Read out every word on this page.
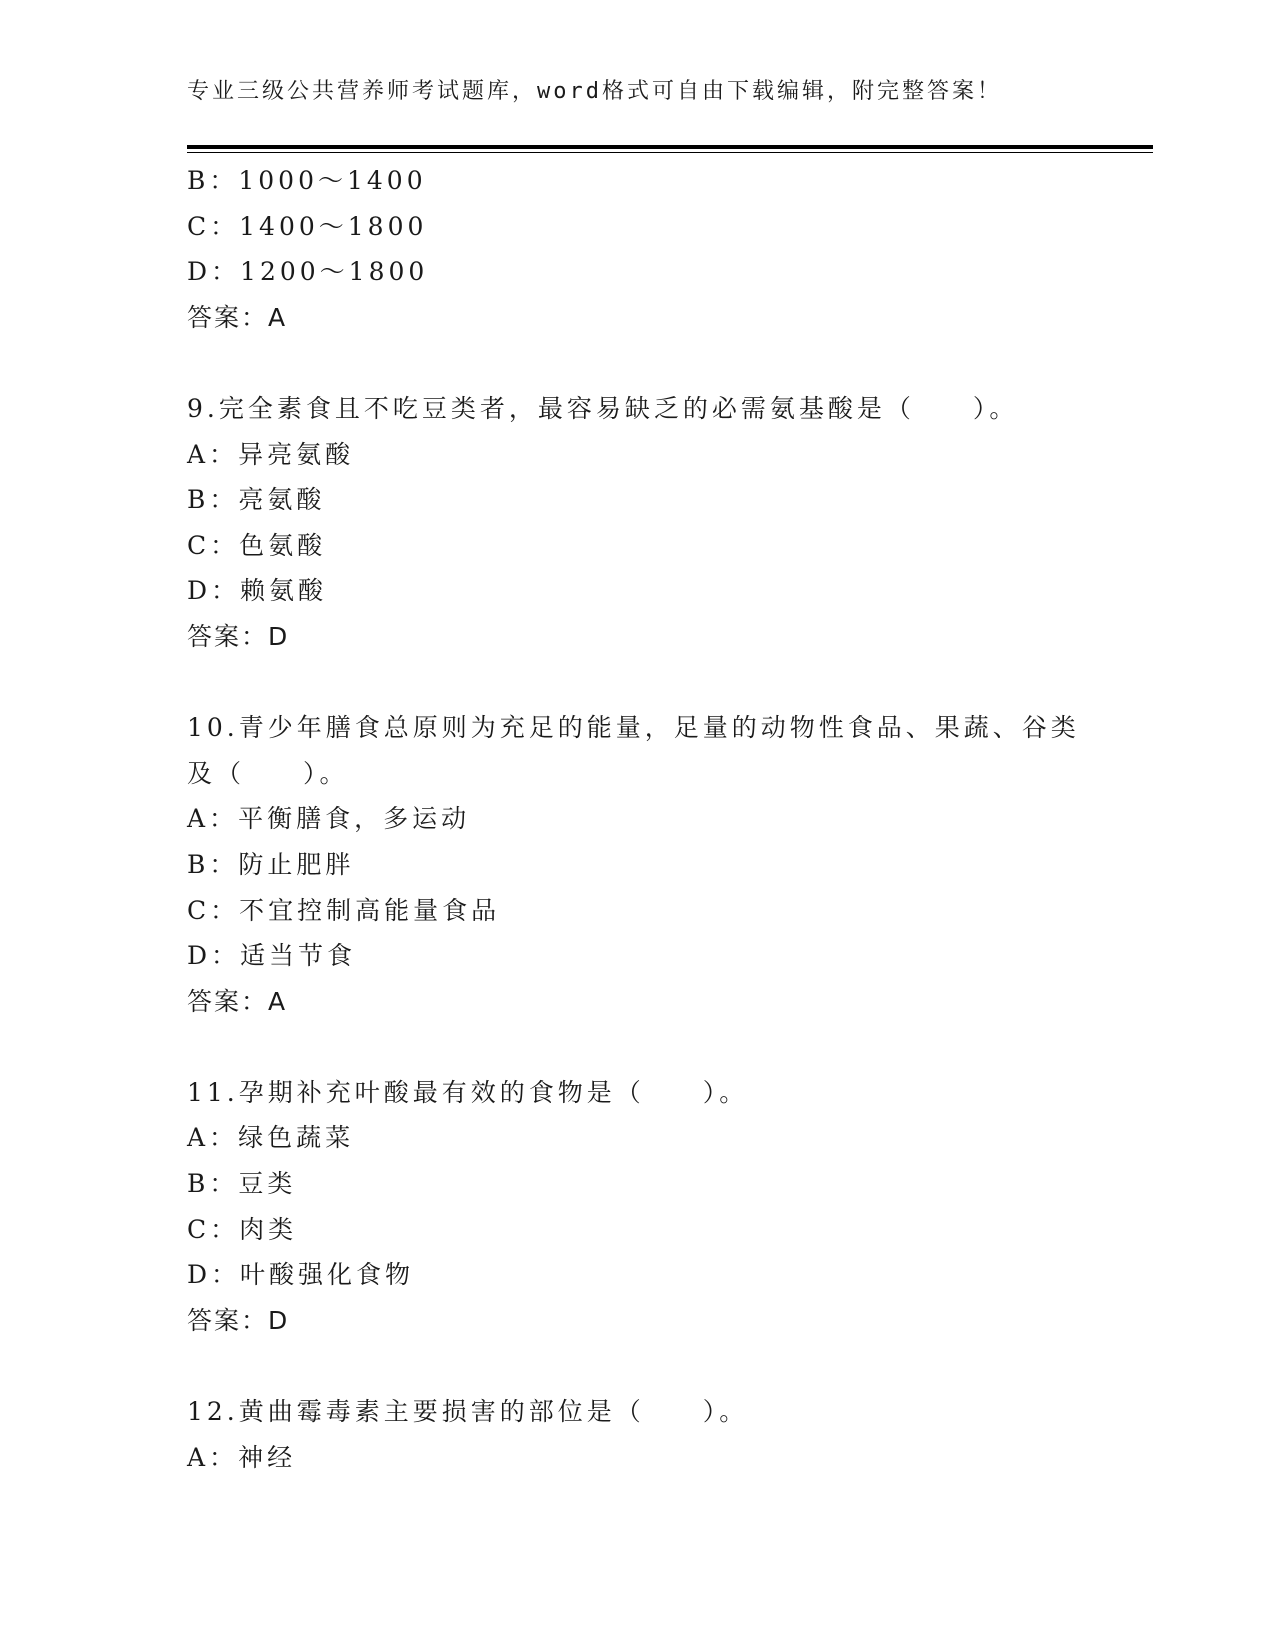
专业三级公共营养师考试题库，word格式可自由下载编辑，附完整答案！
B：1000～1400
C：1400～1800
D：1200～1800
答案：A
9.完全素食且不吃豆类者，最容易缺乏的必需氨基酸是（　　）。
A：异亮氨酸
B：亮氨酸
C：色氨酸
D：赖氨酸
答案：D
10.青少年膳食总原则为充足的能量，足量的动物性食品、果蔬、谷类
及（　　）。
A：平衡膳食，多运动
B：防止肥胖
C：不宜控制高能量食品
D：适当节食
答案：A
11.孕期补充叶酸最有效的食物是（　　）。
A：绿色蔬菜
B：豆类
C：肉类
D：叶酸强化食物
答案：D
12.黄曲霉毒素主要损害的部位是（　　）。
A：神经
